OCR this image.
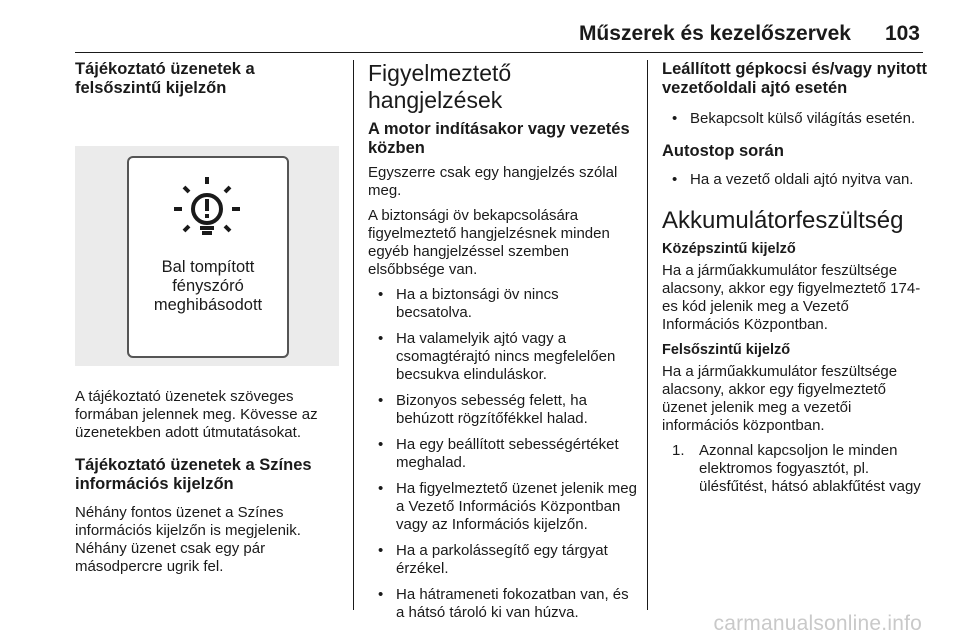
Műszerek és kezelőszervek 103
Tájékoztató üzenetek a felsőszintű kijelzőn
Bal tompított
fényszóró
meghibásodott

A tájékoztató üzenetek szöveges formában jelennek meg. Kövesse az üzenetekben adott útmutatásokat.

Tájékoztató üzenetek a Színes információs kijelzőn

Néhány fontos üzenet a Színes információs kijelzőn is megjelenik. Néhány üzenet csak egy pár másodpercre ugrik fel.

Figyelmeztető hangjelzések
A motor indításakor vagy vezetés közben

Egyszerre csak egy hangjelzés szólal meg.

A biztonsági öv bekapcsolására figyelmeztető hangjelzésnek minden egyéb hangjelzéssel szemben elsőbbsége van.

• Ha a biztonsági öv nincs becsatolva.
• Ha valamelyik ajtó vagy a csomagtérajtó nincs megfelelően becsukva elinduláskor.
• Bizonyos sebesség felett, ha behúzott rögzítőfékkel halad.
• Ha egy beállított sebességértéket meghalad.
• Ha figyelmeztető üzenet jelenik meg a Vezető Információs Központban vagy az Információs kijelzőn.
• Ha a parkolássegítő egy tárgyat érzékel.
• Ha hátrameneti fokozatban van, és a hátsó tároló ki van húzva.
Leállított gépkocsi és/vagy nyitott vezetőoldali ajtó esetén
• Bekapcsolt külső világítás esetén.
Autostop során
• Ha a vezető oldali ajtó nyitva van.
Akkumulátorfeszültség
Középszintű kijelző

Ha a járműakkumulátor feszültsége alacsony, akkor egy figyelmeztető 174-es kód jelenik meg a Vezető Információs Központban.

Felsőszintű kijelző

Ha a járműakkumulátor feszültsége alacsony, akkor egy figyelmeztető üzenet jelenik meg a vezetői információs központban.

1. Azonnal kapcsoljon le minden elektromos fogyasztót, pl. ülésfűtést, hátsó ablakfűtést vagy
carmanualsonline.info
